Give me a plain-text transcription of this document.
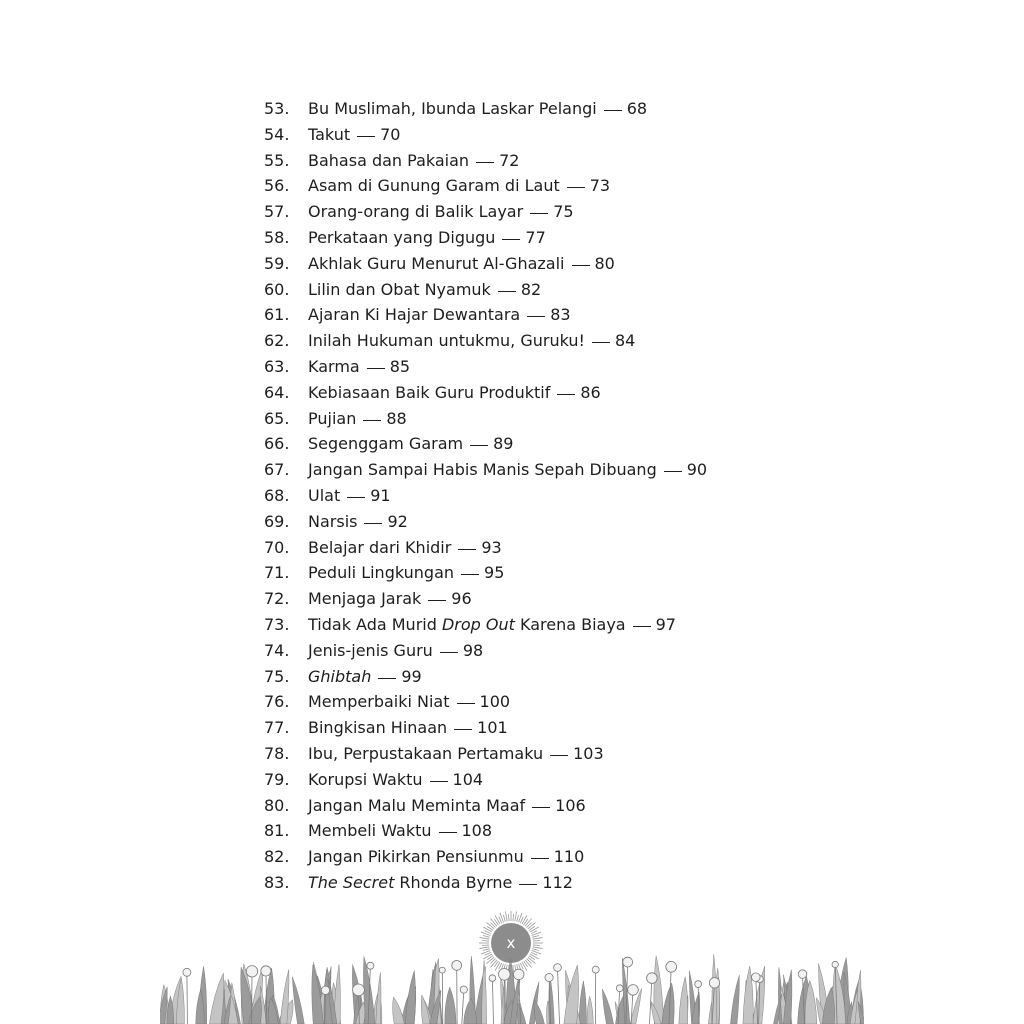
53. Bu Muslimah, Ibunda Laskar Pelangi 68
54. Takut 70
55. Bahasa dan Pakaian 72
56. Asam di Gunung Garam di Laut 73
57. Orang-orang di Balik Layar 75
58. Perkataan yang Digugu 77
59. Akhlak Guru Menurut Al-Ghazali 80
60. Lilin dan Obat Nyamuk 82
61. Ajaran Ki Hajar Dewantara 83
62. Inilah Hukuman untukmu, Guruku! 84
63. Karma 85
64. Kebiasaan Baik Guru Produktif 86
65. Pujian 88
66. Segenggam Garam 89
67. Jangan Sampai Habis Manis Sepah Dibuang 90
68. Ulat 91
69. Narsis 92
70. Belajar dari Khidir 93
71. Peduli Lingkungan 95
72. Menjaga Jarak 96
73. Tidak Ada Murid Drop Out Karena Biaya 97
74. Jenis-jenis Guru 98
75. Ghibtah 99
76. Memperbaiki Niat 100
77. Bingkisan Hinaan 101
78. Ibu, Perpustakaan Pertamaku 103
79. Korupsi Waktu 104
80. Jangan Malu Meminta Maaf 106
81. Membeli Waktu 108
82. Jangan Pikirkan Pensiunmu 110
83. The Secret Rhonda Byrne 112
x
